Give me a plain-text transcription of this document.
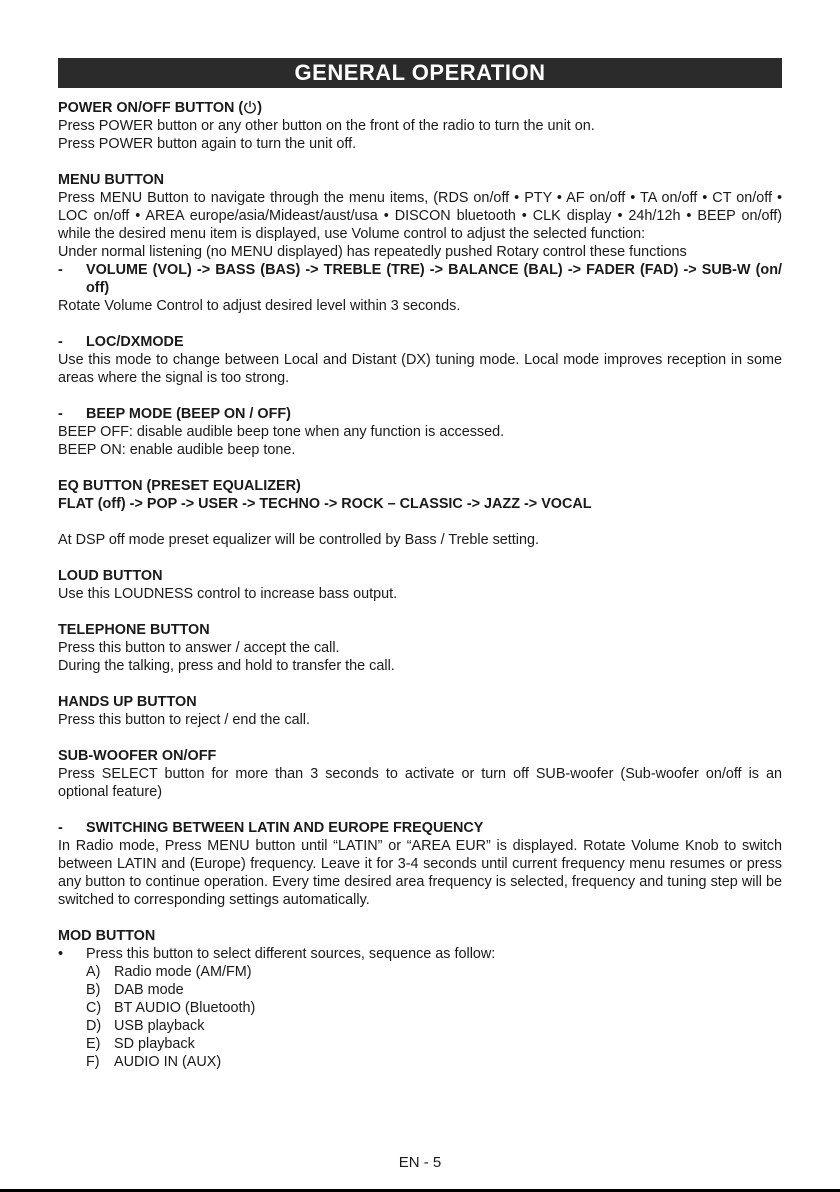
GENERAL OPERATION
POWER ON/OFF BUTTON ( )

Press POWER button or any other button on the front of the radio to turn the unit on.

Press POWER button again to turn the unit off.

MENU BUTTON

Press MENU Button to navigate through the menu items, (RDS on/off • PTY • AF on/off • TA on/off • CT on/off • LOC on/off • AREA europe/asia/Mideast/aust/usa • DISCON bluetooth • CLK display • 24h/12h • BEEP on/off) while the desired menu item is displayed, use Volume control to adjust the selected function:

Under normal listening (no MENU displayed) has repeatedly pushed Rotary control these functions

-	VOLUME (VOL) -> BASS (BAS) -> TREBLE (TRE) -> BALANCE (BAL) -> FADER (FAD) -> SUB-W (on/ off)

Rotate Volume Control to adjust desired level within 3 seconds.

-	LOC/DXMODE

Use this mode to change between Local and Distant (DX) tuning mode. Local mode improves reception in some areas where the signal is too strong.

-	BEEP MODE (BEEP ON / OFF)

BEEP OFF: disable audible beep tone when any function is accessed.

BEEP ON: enable audible beep tone.

EQ BUTTON (PRESET EQUALIZER)
FLAT (off) -> POP -> USER -> TECHNO -> ROCK – CLASSIC -> JAZZ -> VOCAL

At DSP off mode preset equalizer will be controlled by Bass / Treble setting.

LOUD BUTTON

Use this LOUDNESS control to increase bass output.

TELEPHONE BUTTON

Press this button to answer / accept the call.

During the talking, press and hold to transfer the call.

HANDS UP BUTTON

Press this button to reject / end the call.

SUB-WOOFER ON/OFF

Press SELECT button for more than 3 seconds to activate or turn off SUB-woofer (Sub-woofer on/off is an optional feature)

-	SWITCHING BETWEEN LATIN AND EUROPE FREQUENCY

In Radio mode, Press MENU button until “LATIN” or “AREA EUR” is displayed. Rotate Volume Knob to switch between LATIN and (Europe) frequency. Leave it for 3-4 seconds until current frequency menu resumes or press any button to continue operation. Every time desired area frequency is selected, frequency and tuning step will be switched to corresponding settings automatically.

MOD BUTTON
•	Press this button to select different sources, sequence as follow:
A) Radio mode (AM/FM)
B) DAB mode
C) BT AUDIO (Bluetooth)
D) USB playback
E) SD playback
F)	AUDIO IN (AUX)
EN - 5
